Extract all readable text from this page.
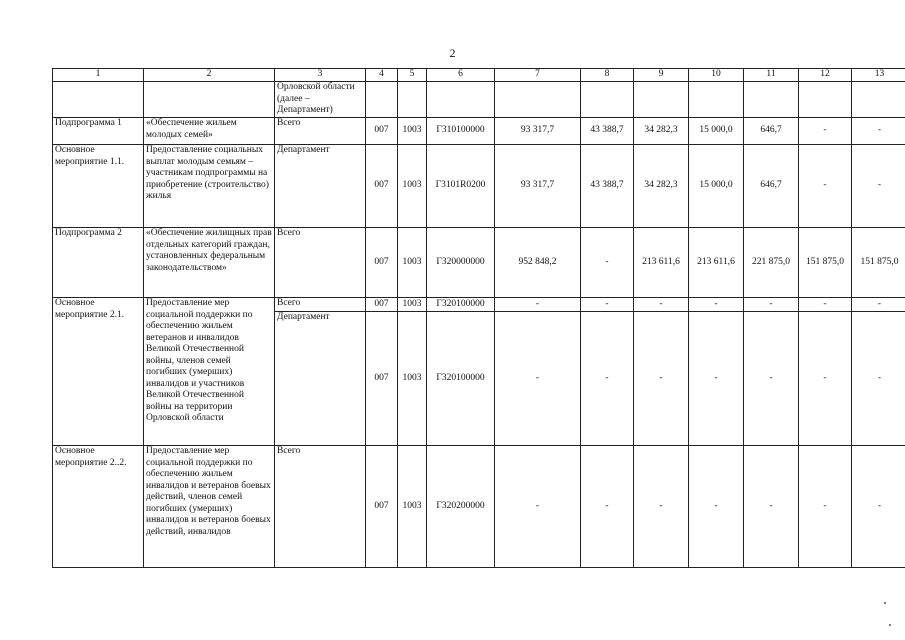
2
1	2	3	4	5	6	7	8	9	10	11	12	13
		Орловской области (далее – Департамент)										
Подпрограмма 1	«Обеспечение жильем молодых семей»	Всего	007	1003	Г310100000	93 317,7	43 388,7	34 282,3	15 000,0	646,7	-	-
Основное мероприятие 1.1.	Предоставление социальных выплат молодым семьям – участникам подпрограммы на приобретение (строительство) жилья	Департамент	007	1003	Г3101R0200	93 317,7	43 388,7	34 282,3	15 000,0	646,7	-	-
Подпрограмма 2	«Обеспечение жилищных прав отдельных категорий граждан, установленных федеральным законодательством»	Всего	007	1003	Г320000000	952 848,2	-	213 611,6	213 611,6	221 875,0	151 875,0	151 875,0
Основное мероприятие 2.1.	Предоставление мер социальной поддержки по обеспечению жильем ветеранов и инвалидов Великой Отечественной войны, членов семей погибших (умерших) инвалидов и участников Великой Отечественной войны на территории Орловской области	Всего	007	1003	Г320100000	-	-	-	-	-	-	-
		Департамент	007	1003	Г320100000	-	-	-	-	-	-	-
Основное мероприятие 2..2.	Предоставление мер социальной поддержки по обеспечению жильем инвалидов и ветеранов боевых действий, членов семей погибших (умерших) инвалидов и ветеранов боевых действий, инвалидов	Всего	007	1003	Г320200000	-	-	-	-	-	-	-
